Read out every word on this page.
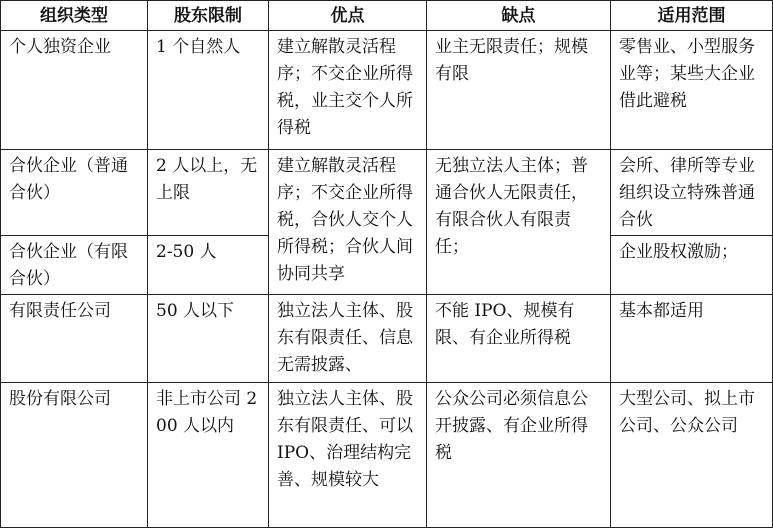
组织类型	股东限制	优点	缺点	适用范围
个人独资企业	1 个自然人	建立解散灵活程序；不交企业所得税，业主交个人所得税	业主无限责任；规模有限	零售业、小型服务业等；某些大企业借此避税
合伙企业（普通合伙）	2 人以上，无上限	建立解散灵活程序；不交企业所得税，合伙人交个人所得税；合伙人间协同共享	无独立法人主体；普通合伙人无限责任，有限合伙人有限责任；	会所、律所等专业组织设立特殊普通合伙
合伙企业（有限合伙）	2-50 人			企业股权激励；
有限责任公司	50 人以下	独立法人主体、股东有限责任、信息无需披露、	不能 IPO、规模有限、有企业所得税	基本都适用
股份有限公司	非上市公司 200 人以内	独立法人主体、股东有限责任、可以 IPO、治理结构完善、规模较大	公众公司必须信息公开披露、有企业所得税	大型公司、拟上市公司、公众公司
